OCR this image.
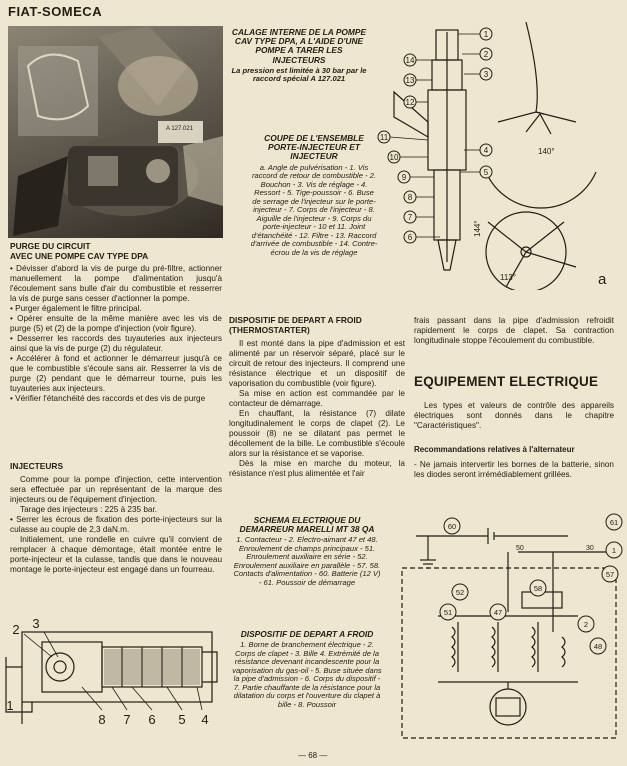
FIAT-SOMECA
A 127.021
CALAGE INTERNE DE LA POMPE CAV TYPE DPA, A L'AIDE D'UNE POMPE A TARER LES INJECTEURS
La pression est limitée à 30 bar par le raccord spécial A 127.021
COUPE DE L'ENSEMBLE PORTE-INJECTEUR ET INJECTEUR
a. Angle de pulvérisation - 1. Vis raccord de retour de combustible - 2. Bouchon - 3. Vis de réglage - 4. Ressort - 5. Tige-poussoir - 6. Buse de serrage de l'injecteur sur le porte-injecteur - 7. Corps de l'injecteur - 8. Aiguille de l'injecteur - 9. Corps du porte-injecteur - 10 et 11. Joint d'étanchéité - 12. Filtre - 13. Raccord d'arrivée de combustible - 14. Contre-écrou de la vis de réglage
1
2
3
4
5
6
7
8
9
10
11
12
13
14
140°
144°
113°	a
PURGE DU CIRCUIT
AVEC UNE POMPE CAV TYPE DPA

• Dévisser d'abord la vis de purge du pré-filtre, actionner manuellement la pompe d'alimentation jusqu'à l'écoulement sans bulle d'air du combustible et resserrer la vis de purge sans cesser d'actionner la pompe.

• Purger également le filtre principal.

• Opérer ensuite de la même manière avec les vis de purge (5) et (2) de la pompe d'injection (voir figure).

• Desserrer les raccords des tuyauteries aux injecteurs ainsi que la vis de purge (2) du régulateur.

• Accélérer à fond et actionner le démarreur jusqu'à ce que le combustible s'écoule sans air. Resserrer la vis de purge (2) pendant que le démarreur tourne, puis les tuyauteries aux injecteurs.

• Vérifier l'étanchéité des raccords et des vis de purge

INJECTEURS

Comme pour la pompe d'injection, cette intervention sera effectuée par un représentant de la marque des injecteurs ou de l'équipement d'injection.

Tarage des injecteurs : 225 à 235 bar.

• Serrer les écrous de fixation des porte-injecteurs sur la culasse au couple de 2,3 daN.m.

Initialement, une rondelle en cuivre qu'il convient de remplacer à chaque démontage, était montée entre le porte-injecteur et la culasse, tandis que dans le nouveau montage le porte-injecteur est engagé dans un fourreau.

2 3
1
8 7 6 5 4
DISPOSITIF DE DEPART A FROID
(THERMOSTARTER)

Il est monté dans la pipe d'admission et est alimenté par un réservoir séparé, placé sur le circuit de retour des injecteurs. Il comprend une résistance électrique et un dispositif de vaporisation du combustible (voir figure).

Sa mise en action est commandée par le contacteur de démarrage.

En chauffant, la résistance (7) dilate longitudinalement le corps de clapet (2). Le poussoir (8) ne se dilatant pas permet le décollement de la bille. Le combustible s'écoule alors sur la résistance et se vaporise.

Dès la mise en marche du moteur, la résistance n'est plus alimentée et l'air

frais passant dans la pipe d'admission refroidit rapidement le corps de clapet. Sa contraction longitudinale stoppe l'écoulement du combustible.
EQUIPEMENT ELECTRIQUE
Les types et valeurs de contrôle des appareils électriques sont donnés dans le chapitre "Caractéristiques".
Recommandations relatives à l'alternateur
- Ne jamais intervertir les bornes de la batterie, sinon les diodes seront irrémédiablement grillées.
SCHEMA ELECTRIQUE DU DEMARREUR MARELLI MT 38 QA
1. Contacteur - 2. Electro-aimant 47 et 48. Enroulement de champs principaux - 51. Enroulement auxiliaire en série - 52. Enroulement auxiliaire en parallèle - 57. 58. Contacts d'alimentation - 60. Batterie (12 V) - 61. Poussoir de démarrage
DISPOSITIF DE DEPART A FROID
1. Borne de branchement électrique - 2. Corps de clapet - 3. Bille 4. Extrémité de la résistance devenant incandescente pour la vaporisation du gas-oil - 5. Buse située dans la pipe d'admission - 6. Corps du dispositif - 7. Partie chauffante de la résistance pour la dilatation du corps et l'ouverture du clapet à bille - 8. Poussoir
60	61
1
57
58
52
51	47
2
48
50	30
— 68 —
